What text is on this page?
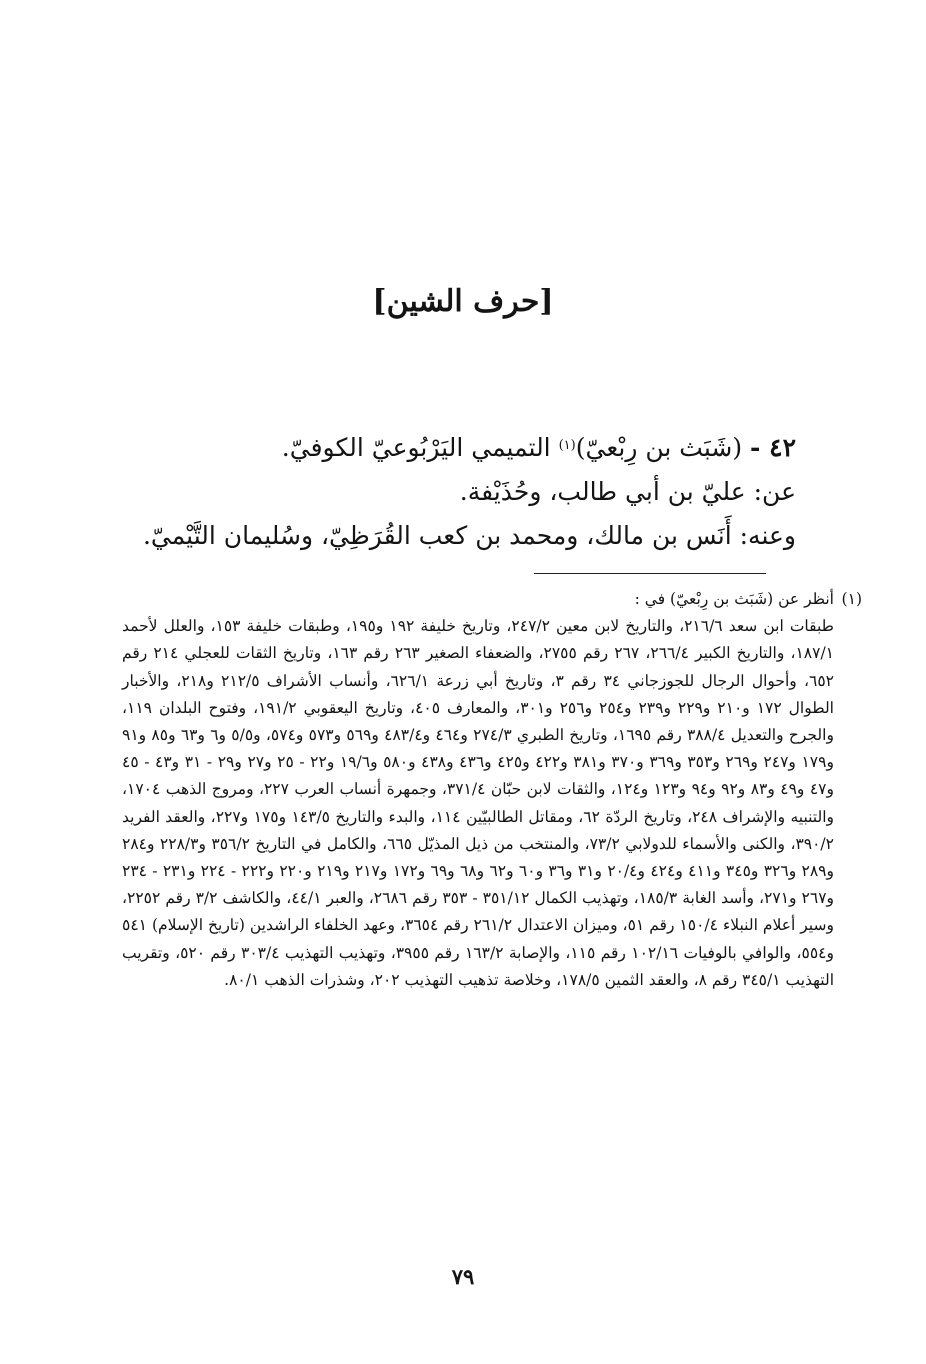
[حرف الشين]

٤٢ - (شَبَث بن رِبْعيّ)$^{(١)}$ التميمي اليَرْبُوعيّ الكوفيّ.

عن: عليّ بن أبي طالب، وحُذَيْفة.

وعنه: أَنَس بن مالك، ومحمد بن كعب القُرَظِيّ، وسُليمان التَّيْميّ.

(١)
أنظر عن (شَبَث بن رِبْعيّ) في :
طبقات ابن سعد ٢١٦/٦، والتاريخ لابن معين ٢٤٧/٢، وتاريخ خليفة ١٩٢ و١٩٥، وطبقات خليفة ١٥٣، والعلل لأحمد ١٨٧/١، والتاريخ الكبير ٢٦٦/٤، ٢٦٧ رقم ٢٧٥٥، والضعفاء الصغير ٢٦٣ رقم ١٦٣، وتاريخ الثقات للعجلي ٢١٤ رقم ٦٥٢، وأحوال الرجال للجوزجاني ٣٤ رقم ٣، وتاريخ أبي زرعة ٦٢٦/١، وأنساب الأشراف ٢١٢/٥ و٢١٨، والأخبار الطوال ١٧٢ و٢١٠ و٢٢٩ و٢٣٩ و٢٥٤ و٢٥٦ و٣٠١، والمعارف ٤٠٥، وتاريخ اليعقوبي ١٩١/٢، وفتوح البلدان ١١٩، والجرح والتعديل ٣٨٨/٤ رقم ١٦٩٥، وتاريخ الطبري ٢٧٤/٣ و٤٦٤ و٤٨٣/٤ و٥٦٩ و٥٧٣ و٥٧٤، و٥/٥ و٦ و٦٣ و٨٥ و٩١ و١٧٩ و٢٤٧ و٢٦٩ و٣٥٣ و٣٦٩ و٣٧٠ و٣٨١ و٤٢٢ و٤٢٥ و٤٣٦ و٤٣٨ و٥٨٠ و١٩/٦ و٢٢ - ٢٥ و٢٧ و٢٩ - ٣١ و٤٣ - ٤٥ و٤٧ و٤٩ و٨٣ و٩٢ و٩٤ و١٢٣ و١٢٤، والثقات لابن حبّان ٣٧١/٤، وجمهرة أنساب العرب ٢٢٧، ومروج الذهب ١٧٠٤، والتنبيه والإشراف ٢٤٨، وتاريخ الردّة ٦٢، ومقاتل الطالبيّين ١١٤، والبدء والتاريخ ١٤٣/٥ و١٧٥ و٢٢٧، والعقد الفريد ٣٩٠/٢، والكنى والأسماء للدولابي ٧٣/٢، والمنتخب من ذيل المذيّل ٦٦٥، والكامل في التاريخ ٣٥٦/٢ و٢٢٨/٣ و٢٨٤ و٢٨٩ و٣٢٦ و٣٤٥ و٤١١ و٤٢٤ و٢٠/٤ و٣١ و٣٦ و٦٠ و٦٢ و٦٨ و٦٩ و١٧٢ و٢١٧ و٢١٩ و٢٢٠ و٢٢٢ - ٢٢٤ و٢٣١ - ٢٣٤ و٢٦٧ و٢٧١، وأسد الغابة ١٨٥/٣، وتهذيب الكمال ٣٥١/١٢ - ٣٥٣ رقم ٢٦٨٦، والعبر ٤٤/١، والكاشف ٣/٢ رقم ٢٢٥٢، وسير أعلام النبلاء ١٥٠/٤ رقم ٥١، وميزان الاعتدال ٢٦١/٢ رقم ٣٦٥٤، وعهد الخلفاء الراشدين (تاريخ الإسلام) ٥٤١ و٥٥٤، والوافي بالوفيات ١٠٢/١٦ رقم ١١٥، والإصابة ١٦٣/٢ رقم ٣٩٥٥، وتهذيب التهذيب ٣٠٣/٤ رقم ٥٢٠، وتقريب التهذيب ٣٤٥/١ رقم ٨، والعقد الثمين ١٧٨/٥، وخلاصة تذهيب التهذيب ٢٠٢، وشذرات الذهب ٨٠/١.
٧٩
